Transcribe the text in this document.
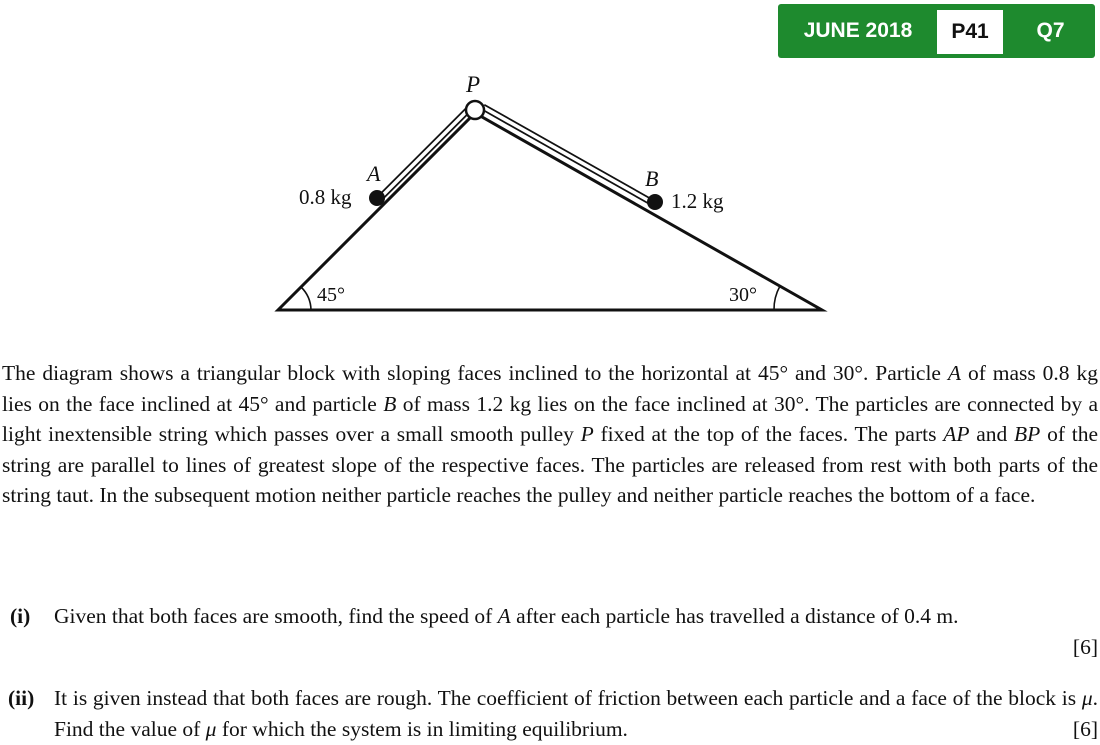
JUNE 2018	P41	Q7
P
A
0.8 kg
B
1.2 kg
45°	30°

The diagram shows a triangular block with sloping faces inclined to the horizontal at 45° and 30°. Particle A of mass 0.8 kg lies on the face inclined at 45° and particle B of mass 1.2 kg lies on the face inclined at 30°. The particles are connected by a light inextensible string which passes over a small smooth pulley P fixed at the top of the faces. The parts AP and BP of the string are parallel to lines of greatest slope of the respective faces. The particles are released from rest with both parts of the string taut. In the subsequent motion neither particle reaches the pulley and neither particle reaches the bottom of a face.

(i) Given that both faces are smooth, find the speed of A after each particle has travelled a distance of 0.4 m.
[6]
(ii) It is given instead that both faces are rough. The coefficient of friction between each particle and a face of the block is μ. Find the value of μ for which the system is in limiting equilibrium.	[6]
